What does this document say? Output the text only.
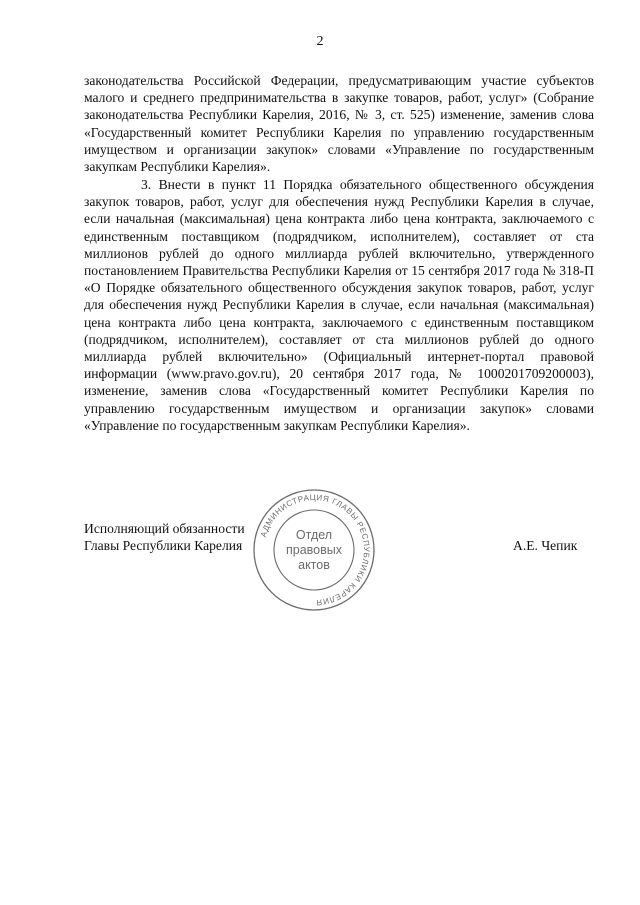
2

законодательства Российской Федерации, предусматривающим участие субъектов малого и среднего предпринимательства в закупке товаров, работ, услуг» (Собрание законодательства Республики Карелия, 2016, № 3, ст. 525) изменение, заменив слова «Государственный комитет Республики Карелия по управлению государственным имуществом и организации закупок» словами «Управление по государственным закупкам Республики Карелия».

3. Внести в пункт 11 Порядка обязательного общественного обсуждения закупок товаров, работ, услуг для обеспечения нужд Республики Карелия в случае, если начальная (максимальная) цена контракта либо цена контракта, заключаемого с единственным поставщиком (подрядчиком, исполнителем), составляет от ста миллионов рублей до одного миллиарда рублей включительно, утвержденного постановлением Правительства Республики Карелия от 15 сентября 2017 года № 318-П «О Порядке обязательного общественного обсуждения закупок товаров, работ, услуг для обеспечения нужд Республики Карелия в случае, если начальная (максимальная) цена контракта либо цена контракта, заключаемого с единственным поставщиком (подрядчиком, исполнителем), составляет от ста миллионов рублей до одного миллиарда рублей включительно» (Официальный интернет-портал правовой информации (www.pravo.gov.ru), 20 сентября 2017 года, № 1000201709200003), изменение, заменив слова «Государственный комитет Республики Карелия по управлению государственным имуществом и организации закупок» словами «Управление по государственным закупкам Республики Карелия».

Исполняющий обязанности
Главы Республики Карелия	А.Е. Чепик
АДМИНИСТРАЦИЯ ГЛАВЫ РЕСПУБЛИКИ КАРЕЛИЯ
Отдел
правовых
актов
